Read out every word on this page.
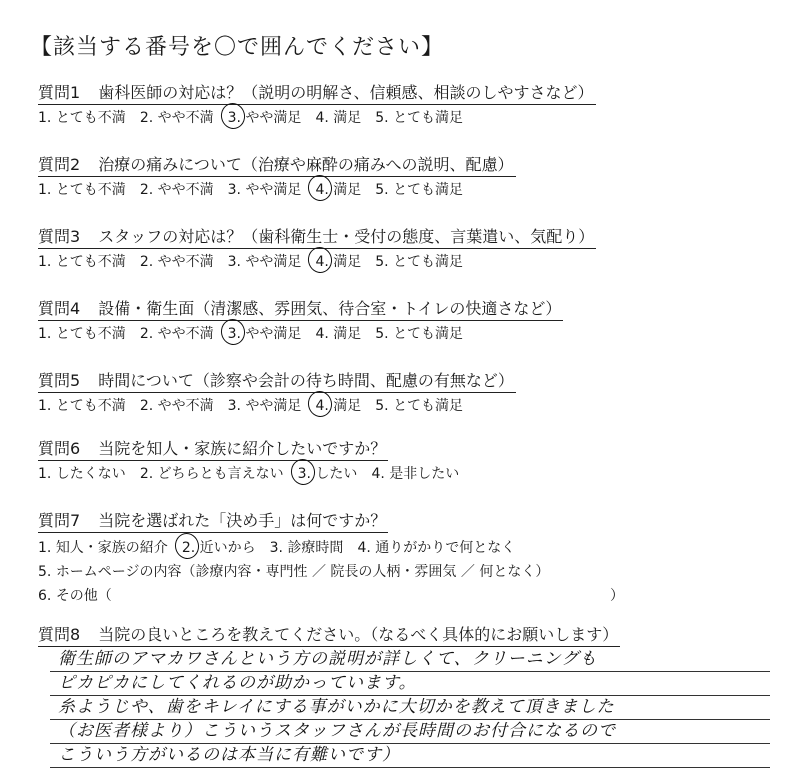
【該当する番号を〇で囲んでください】
質問1 歯科医師の対応は？（説明の明解さ、信頼感、相談のしやすさなど）
1. とても不満 2. やや不満 3. やや満足 4. 満足 5. とても満足
質問2 治療の痛みについて（治療や麻酔の痛みへの説明、配慮）
1. とても不満 2. やや不満 3. やや満足 4. 満足 5. とても満足
質問3 スタッフの対応は？（歯科衛生士・受付の態度、言葉遣い、気配り）
1. とても不満 2. やや不満 3. やや満足 4. 満足 5. とても満足
質問4 設備・衛生面（清潔感、雰囲気、待合室・トイレの快適さなど）
1. とても不満 2. やや不満 3. やや満足 4. 満足 5. とても満足
質問5 時間について（診察や会計の待ち時間、配慮の有無など）
1. とても不満 2. やや不満 3. やや満足 4. 満足 5. とても満足
質問6 当院を知人・家族に紹介したいですか？
1. したくない 2. どちらとも言えない 3. したい 4. 是非したい
質問7 当院を選ばれた「決め手」は何ですか？
1. 知人・家族の紹介 2. 近いから 3. 診療時間 4. 通りがかりで何となく
5. ホームページの内容（診療内容・専門性 ／ 院長の人柄・雰囲気 ／ 何となく）
6. その他（	）
質問8 当院の良いところを教えてください。（なるべく具体的にお願いします）
衛生師のアマカワさんという方の説明が詳しくて、クリーニングも
ピカピカにしてくれるのが助かっています。
糸ようじや、歯をキレイにする事がいかに大切かを教えて頂きました
（お医者様より）こういうスタッフさんが長時間のお付合になるので
こういう方がいるのは本当に有難いです）
